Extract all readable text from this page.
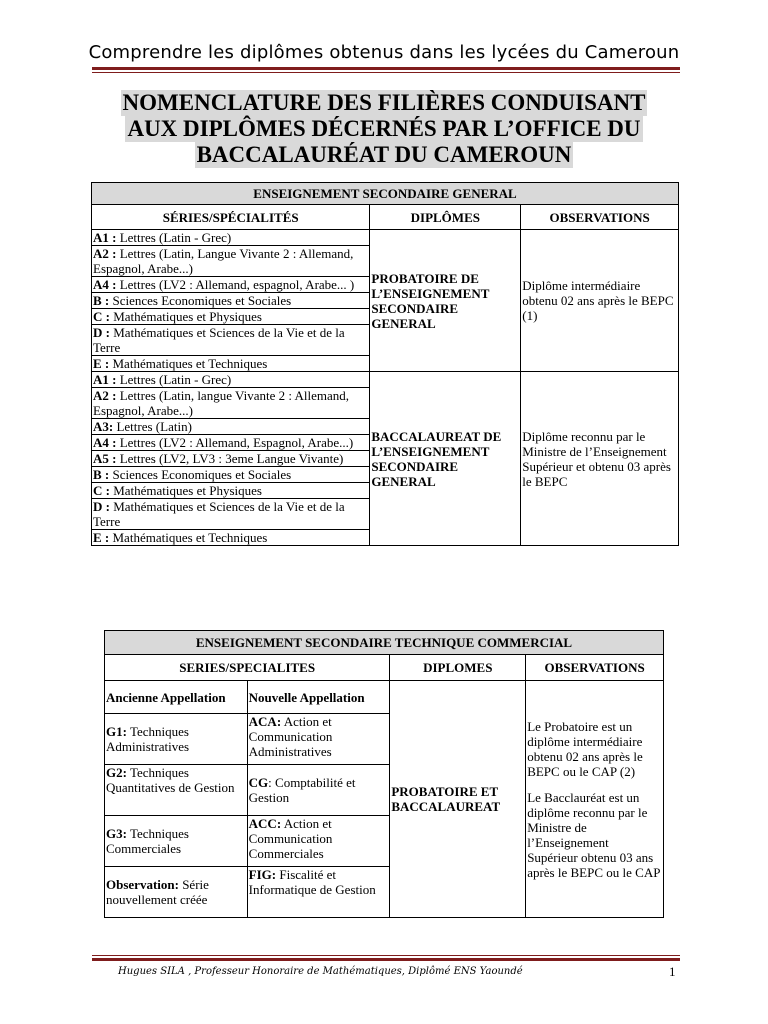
Comprendre les diplômes obtenus dans les lycées du Cameroun
NOMENCLATURE DES FILIÈRES CONDUISANT
AUX DIPLÔMES DÉCERNÉS PAR L’OFFICE DU
BACCALAURÉAT DU CAMEROUN
ENSEIGNEMENT SECONDAIRE GENERAL		
SÉRIES/SPÉCIALITÉS	DIPLÔMES	OBSERVATIONS
A1 : Lettres (Latin - Grec)	PROBATOIRE DE L’ENSEIGNEMENT SECONDAIRE GENERAL	Diplôme intermédiaire obtenu 02 ans après le BEPC (1)
A2 : Lettres (Latin, Langue Vivante 2 : Allemand, Espagnol, Arabe...)		
A4 : Lettres (LV2 : Allemand, espagnol, Arabe... )		
B : Sciences Economiques et Sociales		
C : Mathématiques et Physiques		
D : Mathématiques et Sciences de la Vie et de la Terre		
E : Mathématiques et Techniques		
A1 : Lettres (Latin - Grec)	BACCALAUREAT DE L’ENSEIGNEMENT SECONDAIRE GENERAL	Diplôme reconnu par le Ministre de l’Enseignement Supérieur et obtenu 03 après le BEPC
A2 : Lettres (Latin, langue Vivante 2 : Allemand, Espagnol, Arabe...)		
A3: Lettres (Latin)		
A4 : Lettres (LV2 : Allemand, Espagnol, Arabe...)		
A5 : Lettres (LV2, LV3 : 3eme Langue Vivante)		
B : Sciences Economiques et Sociales		
C : Mathématiques et Physiques		
D : Mathématiques et Sciences de la Vie et de la Terre		
E : Mathématiques et Techniques		
ENSEIGNEMENT SECONDAIRE TECHNIQUE COMMERCIAL			
SERIES/SPECIALITES		DIPLOMES	OBSERVATIONS
Ancienne Appellation	Nouvelle Appellation	PROBATOIRE ET BACCALAUREAT	Le Probatoire est un diplôme intermédiaire obtenu 02 ans après le BEPC ou le CAP (2)
Le Bacclauréat est un diplôme reconnu par le Ministre de l’Enseignement Supérieur obtenu 03 ans après le BEPC ou le CAP

G1: Techniques Administratives	ACA: Action et Communication Administratives		
G2: Techniques Quantitatives de Gestion	CG: Comptabilité et Gestion		
G3: Techniques Commerciales	ACC: Action et Communication Commerciales		
Observation: Série nouvellement créée	FIG: Fiscalité et Informatique de Gestion		
Hugues SILA , Professeur Honoraire de Mathématiques, Diplômé ENS Yaoundé	1
